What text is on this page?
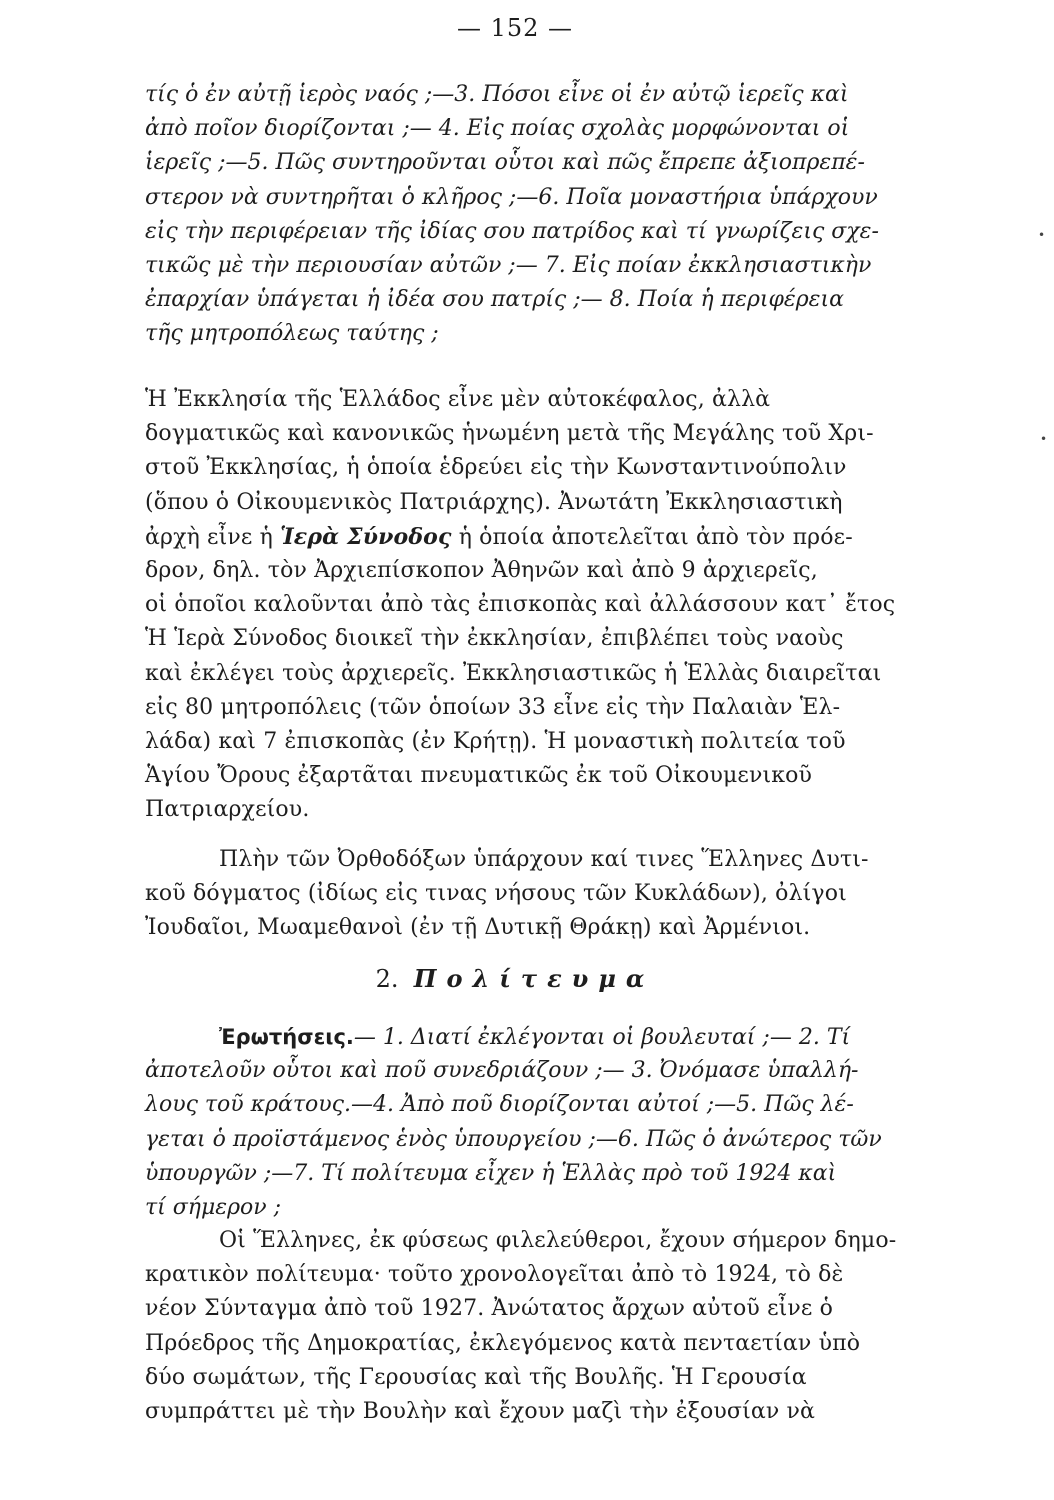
— 152 —
τίς ὁ ἐν αὐτῇ ἱερὸς ναός ;—3. Πόσοι εἶνε οἱ ἐν αὐτῷ ἱερεῖς καὶ
ἀπὸ ποῖον διορίζονται ;— 4. Εἰς ποίας σχολὰς μορφώνονται οἱ
ἱερεῖς ;—5. Πῶς συντηροῦνται οὗτοι καὶ πῶς ἔπρεπε ἀξιοπρεπέ-
στερον νὰ συντηρῆται ὁ κλῆρος ;—6. Ποῖα μοναστήρια ὑπάρχουν
εἰς τὴν περιφέρειαν τῆς ἰδίας σου πατρίδος καὶ τί γνωρίζεις σχε-
τικῶς μὲ τὴν περιουσίαν αὐτῶν ;— 7. Εἰς ποίαν ἐκκλησιαστικὴν
ἐπαρχίαν ὑπάγεται ἡ ἰδέα σου πατρίς ;— 8. Ποία ἡ περιφέρεια
τῆς μητροπόλεως ταύτης ;
Ἡ Ἐκκλησία τῆς Ἑλλάδος εἶνε μὲν αὐτοκέφαλος, ἀλλὰ
δογματικῶς καὶ κανονικῶς ἡνωμένη μετὰ τῆς Μεγάλης τοῦ Χρι-
στοῦ Ἐκκλησίας, ἡ ὁποία ἑδρεύει εἰς τὴν Κωνσταντινούπολιν
(ὅπου ὁ Οἰκουμενικὸς Πατριάρχης). Ἀνωτάτη Ἐκκλησιαστικὴ
ἀρχὴ εἶνε ἡ Ἱερὰ Σύνοδος ἡ ὁποία ἀποτελεῖται ἀπὸ τὸν πρόε-
δρον, δηλ. τὸν Ἀρχιεπίσκοπον Ἀθηνῶν καὶ ἀπὸ 9 ἀρχιερεῖς,
οἱ ὁποῖοι καλοῦνται ἀπὸ τὰς ἐπισκοπὰς καὶ ἀλλάσσουν κατ᾿ ἔτος
Ἡ Ἱερὰ Σύνοδος διοικεῖ τὴν ἐκκλησίαν, ἐπιβλέπει τοὺς ναοὺς
καὶ ἐκλέγει τοὺς ἀρχιερεῖς. Ἐκκλησιαστικῶς ἡ Ἑλλὰς διαιρεῖται
εἰς 80 μητροπόλεις (τῶν ὁποίων 33 εἶνε εἰς τὴν Παλαιὰν Ἑλ-
λάδα) καὶ 7 ἐπισκοπὰς (ἐν Κρήτῃ). Ἡ μοναστικὴ πολιτεία τοῦ
Ἁγίου Ὄρους ἐξαρτᾶται πνευματικῶς ἐκ τοῦ Οἰκουμενικοῦ
Πατριαρχείου.
Πλὴν τῶν Ὀρθοδόξων ὑπάρχουν καί τινες Ἕλληνες Δυτι-
κοῦ δόγματος (ἰδίως εἰς τινας νήσους τῶν Κυκλάδων), ὀλίγοι
Ἰουδαῖοι, Μωαμεθανοὶ (ἐν τῇ Δυτικῇ Θράκῃ) καὶ Ἀρμένιοι.
2. Πολίτευμα
Ἐρωτήσεις.— 1. Διατί ἐκλέγονται οἱ βουλευταί ;— 2. Τί
ἀποτελοῦν οὗτοι καὶ ποῦ συνεδριάζουν ;— 3. Ὀνόμασε ὑπαλλή-
λους τοῦ κράτους.—4. Ἀπὸ ποῦ διορίζονται αὐτοί ;—5. Πῶς λέ-
γεται ὁ προϊστάμενος ἑνὸς ὑπουργείου ;—6. Πῶς ὁ ἀνώτερος τῶν
ὑπουργῶν ;—7. Τί πολίτευμα εἶχεν ἡ Ἑλλὰς πρὸ τοῦ 1924 καὶ
τί σήμερον ;
Οἱ Ἕλληνες, ἐκ φύσεως φιλελεύθεροι, ἔχουν σήμερον δημο-
κρατικὸν πολίτευμα· τοῦτο χρονολογεῖται ἀπὸ τὸ 1924, τὸ δὲ
νέον Σύνταγμα ἀπὸ τοῦ 1927. Ἀνώτατος ἄρχων αὐτοῦ εἶνε ὁ
Πρόεδρος τῆς Δημοκρατίας, ἐκλεγόμενος κατὰ πενταετίαν ὑπὸ
δύο σωμάτων, τῆς Γερουσίας καὶ τῆς Βουλῆς. Ἡ Γερουσία
συμπράττει μὲ τὴν Βουλὴν καὶ ἔχουν μαζὶ τὴν ἐξουσίαν νὰ
•
•
